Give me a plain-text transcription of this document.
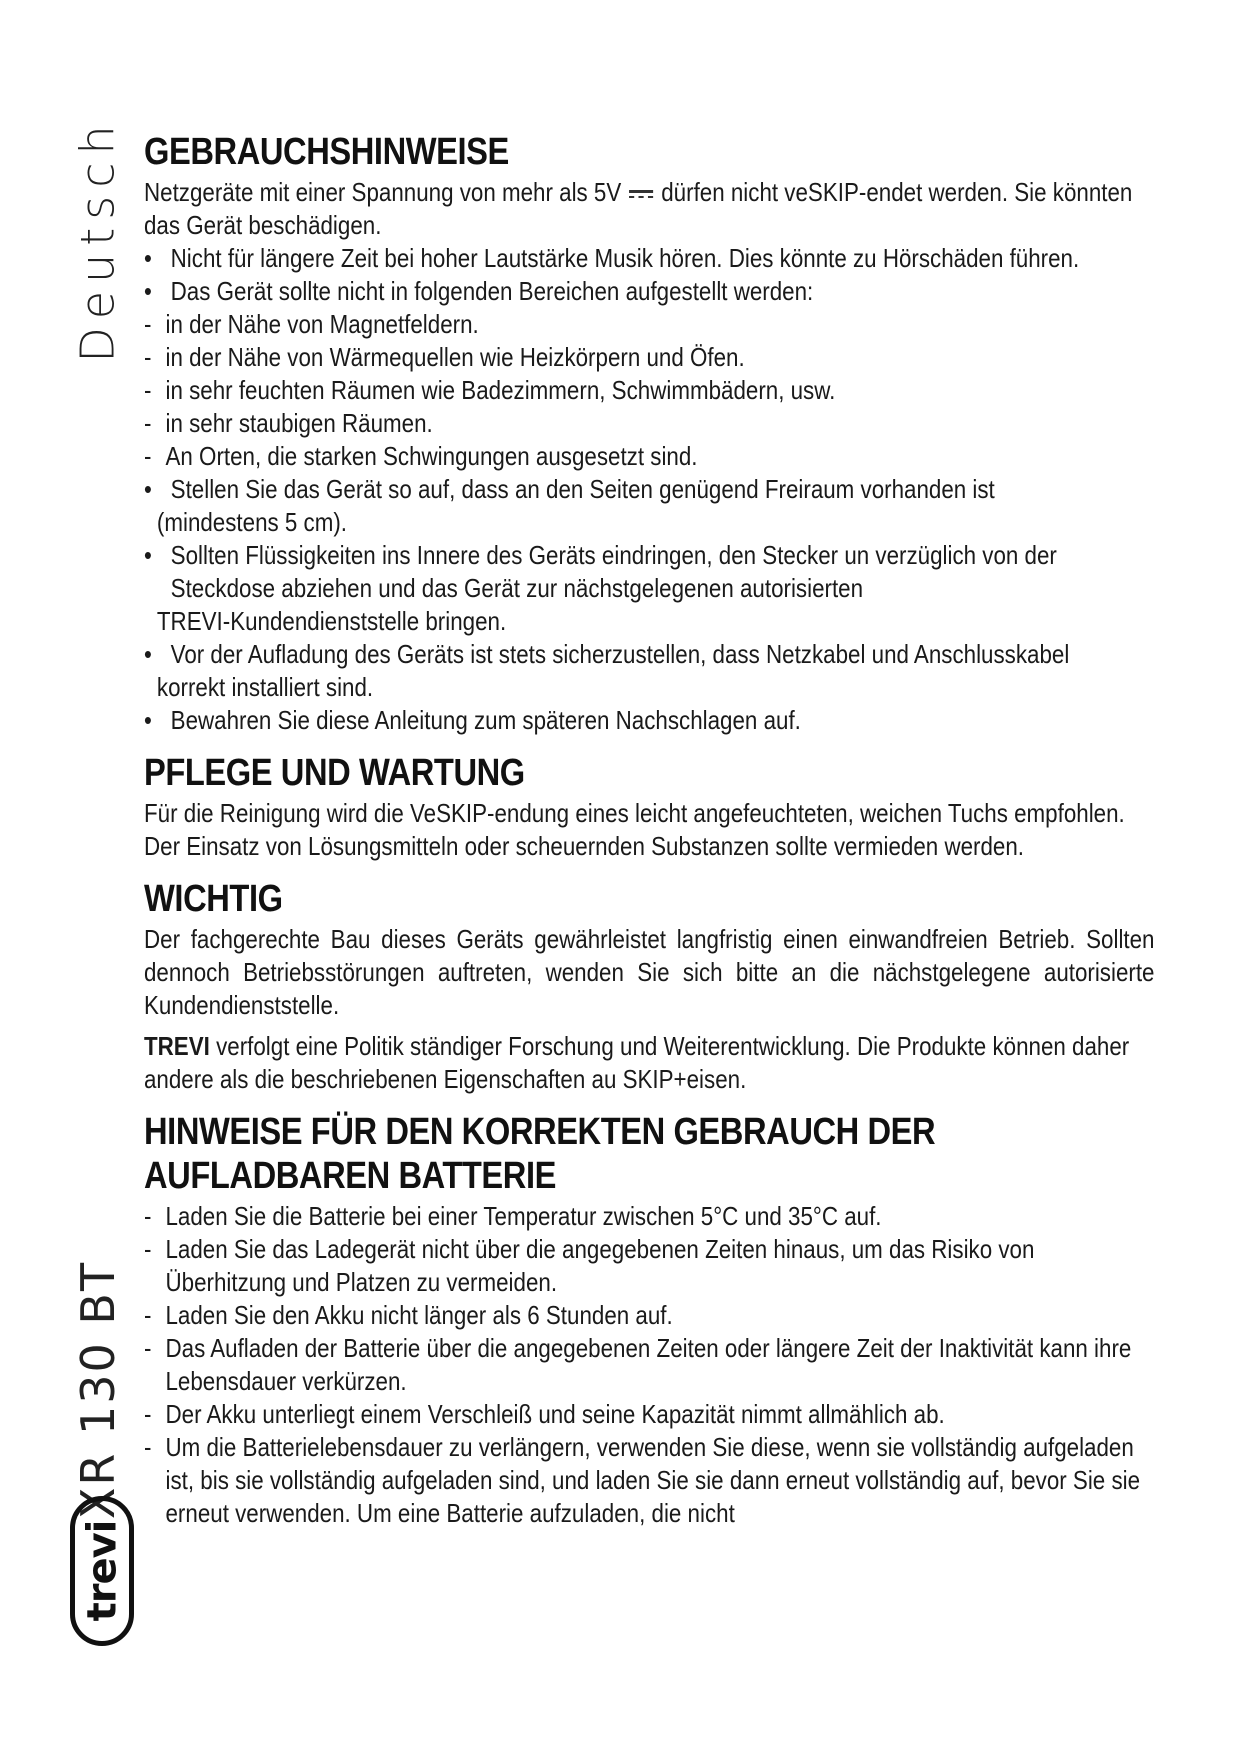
Deutsch
XR 130 BT
trevi
GEBRAUCHSHINWEISE

Netzgeräte mit einer Spannung von mehr als 5V dürfen nicht veSKIP-endet werden. Sie könnten das Gerät beschädigen.

• Nicht für längere Zeit bei hoher Lautstärke Musik hören. Dies könnte zu Hörschäden führen.

• Das Gerät sollte nicht in folgenden Bereichen aufgestellt werden:

- in der Nähe von Magnetfeldern.

- in der Nähe von Wärmequellen wie Heizkörpern und Öfen.

- in sehr feuchten Räumen wie Badezimmern, Schwimmbädern, usw.

- in sehr staubigen Räumen.

- An Orten, die starken Schwingungen ausgesetzt sind.

• Stellen Sie das Gerät so auf, dass an den Seiten genügend Freiraum vorhanden ist

(mindestens 5 cm).

• Sollten Flüssigkeiten ins Innere des Geräts eindringen, den Stecker un verzüglich von der Steckdose abziehen und das Gerät zur nächstgelegenen autorisierten

TREVI-Kundendienststelle bringen.

• Vor der Aufladung des Geräts ist stets sicherzustellen, dass Netzkabel und Anschlusskabel

korrekt installiert sind.

• Bewahren Sie diese Anleitung zum späteren Nachschlagen auf.

PFLEGE UND WARTUNG

Für die Reinigung wird die VeSKIP-endung eines leicht angefeuchteten, weichen Tuchs empfohlen.

Der Einsatz von Lösungsmitteln oder scheuernden Substanzen sollte vermieden werden.

WICHTIG

Der fachgerechte Bau dieses Geräts gewährleistet langfristig einen einwandfreien Betrieb. Sollten dennoch Betriebsstörungen auftreten, wenden Sie sich bitte an die nächstgelegene autorisierte Kundendienststelle.

TREVI verfolgt eine Politik ständiger Forschung und Weiterentwicklung. Die Produkte können daher andere als die beschriebenen Eigenschaften au SKIP+eisen.

HINWEISE FÜR DEN KORREKTEN GEBRAUCH DER AUFLADBAREN BATTERIE

- Laden Sie die Batterie bei einer Temperatur zwischen 5°C und 35°C auf.

- Laden Sie das Ladegerät nicht über die angegebenen Zeiten hinaus, um das Risiko von Überhitzung und Platzen zu vermeiden.

- Laden Sie den Akku nicht länger als 6 Stunden auf.

- Das Aufladen der Batterie über die angegebenen Zeiten oder längere Zeit der Inaktivität kann ihre Lebensdauer verkürzen.

- Der Akku unterliegt einem Verschleiß und seine Kapazität nimmt allmählich ab.

- Um die Batterielebensdauer zu verlängern, verwenden Sie diese, wenn sie vollständig aufgeladen ist, bis sie vollständig aufgeladen sind, und laden Sie sie dann erneut vollständig auf, bevor Sie sie erneut verwenden. Um eine Batterie aufzuladen, die nicht
